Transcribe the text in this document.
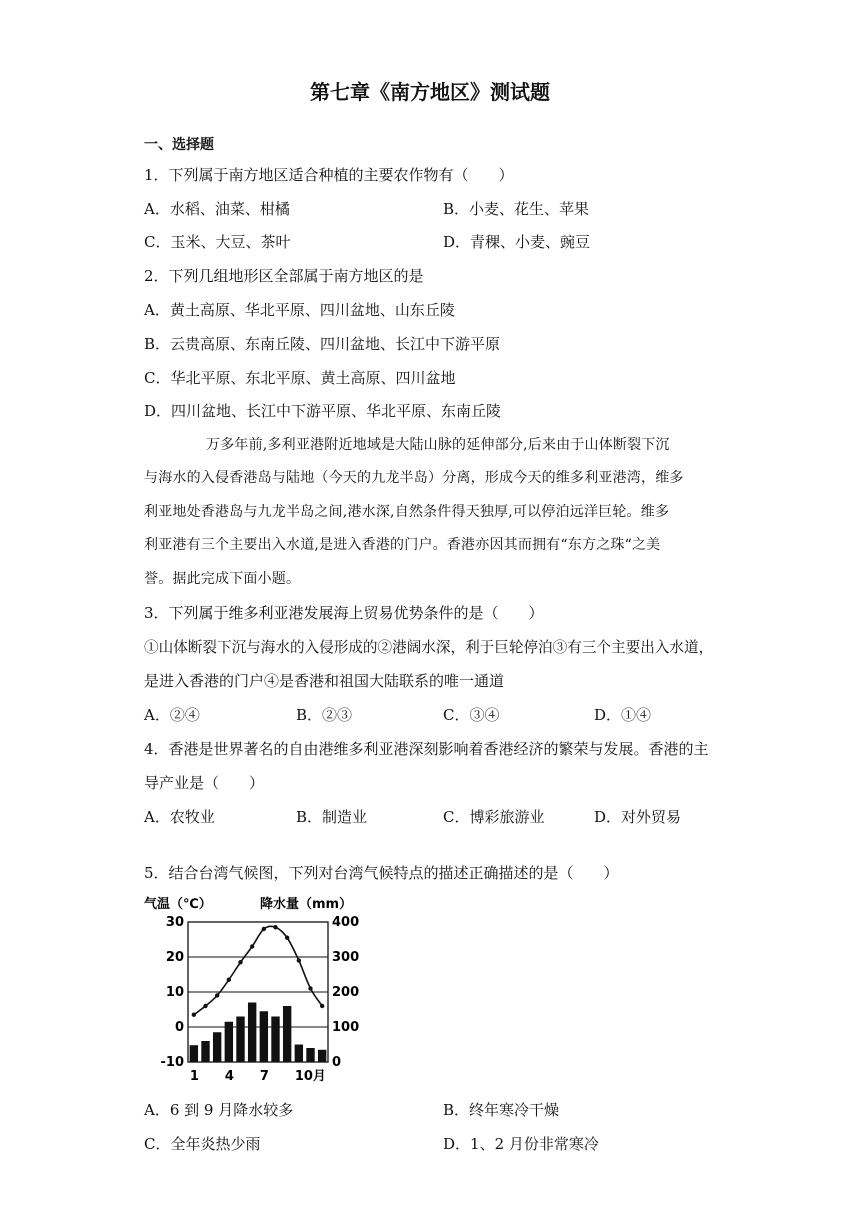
第七章《南方地区》测试题
一、选择题
1．下列属于南方地区适合种植的主要农作物有（　　）
A．水稻、油菜、柑橘	B．小麦、花生、苹果
C．玉米、大豆、茶叶	D．青稞、小麦、豌豆
2．下列几组地形区全部属于南方地区的是
A．黄土高原、华北平原、四川盆地、山东丘陵
B．云贵高原、东南丘陵、四川盆地、长江中下游平原
C．华北平原、东北平原、黄土高原、四川盆地
D．四川盆地、长江中下游平原、华北平原、东南丘陵
万多年前,多利亚港附近地域是大陆山脉的延伸部分,后来由于山体断裂下沉
与海水的入侵香港岛与陆地（今天的九龙半岛）分离，形成今天的维多利亚港湾，维多
利亚地处香港岛与九龙半岛之间,港水深,自然条件得天独厚,可以停泊远洋巨轮。维多
利亚港有三个主要出入水道,是进入香港的门户。香港亦因其而拥有“东方之珠“之美
誉。据此完成下面小题。
3．下列属于维多利亚港发展海上贸易优势条件的是（　　）
①山体断裂下沉与海水的入侵形成的②港阔水深，利于巨轮停泊③有三个主要出入水道，
是进入香港的门户④是香港和祖国大陆联系的唯一通道
A．②④	B．②③	C．③④	D．①④
4．香港是世界著名的自由港维多利亚港深刻影响着香港经济的繁荣与发展。香港的主
导产业是（　　）
A．农牧业	B．制造业	C．博彩旅游业	D．对外贸易
5．结合台湾气候图，下列对台湾气候特点的描述正确描述的是（　　）
气温（℃）	降水量（mm）
30
20
10
0
-10
400
300
200
100
0
1 4 7 10月
A．6 到 9 月降水较多	B．终年寒冷干燥
C．全年炎热少雨	D．1、2 月份非常寒冷
